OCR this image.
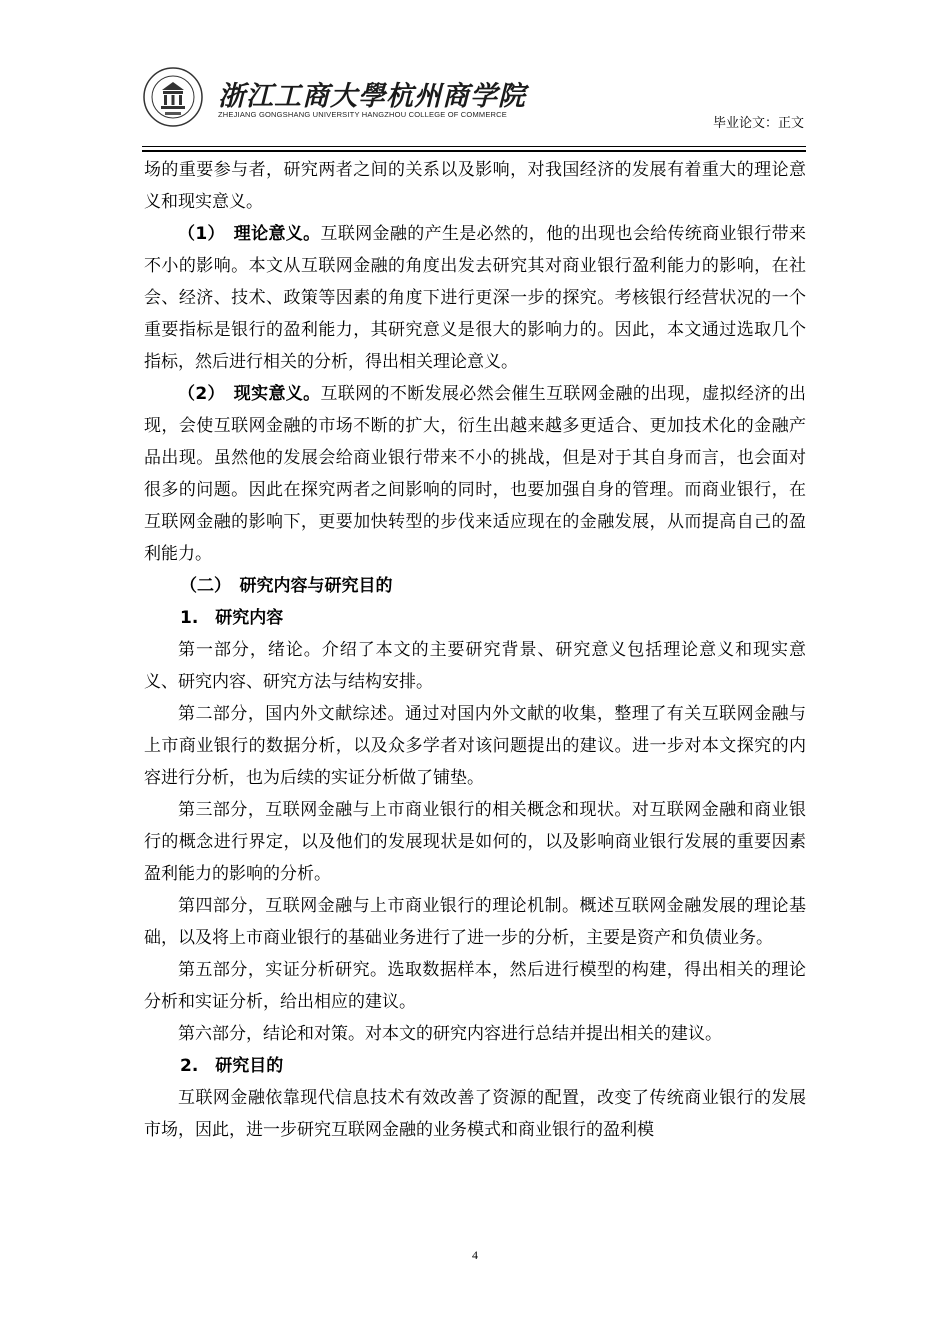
浙江工商大學杭州商学院
ZHEJIANG GONGSHANG UNIVERSITY HANGZHOU COLLEGE OF COMMERCE
毕业论文：正文

场的重要参与者，研究两者之间的关系以及影响，对我国经济的发展有着重大的理论意义和现实意义。

（1）　理论意义。互联网金融的产生是必然的，他的出现也会给传统商业银行带来不小的影响。本文从互联网金融的角度出发去研究其对商业银行盈利能力的影响，在社会、经济、技术、政策等因素的角度下进行更深一步的探究。考核银行经营状况的一个重要指标是银行的盈利能力，其研究意义是很大的影响力的。因此，本文通过选取几个指标，然后进行相关的分析，得出相关理论意义。

（2）　现实意义。互联网的不断发展必然会催生互联网金融的出现，虚拟经济的出现，会使互联网金融的市场不断的扩大，衍生出越来越多更适合、更加技术化的金融产品出现。虽然他的发展会给商业银行带来不小的挑战，但是对于其自身而言，也会面对很多的问题。因此在探究两者之间影响的同时，也要加强自身的管理。而商业银行，在互联网金融的影响下，更要加快转型的步伐来适应现在的金融发展，从而提高自己的盈利能力。

（二）　研究内容与研究目的

1.　研究内容

第一部分，绪论。介绍了本文的主要研究背景、研究意义包括理论意义和现实意义、研究内容、研究方法与结构安排。

第二部分，国内外文献综述。通过对国内外文献的收集，整理了有关互联网金融与上市商业银行的数据分析，以及众多学者对该问题提出的建议。进一步对本文探究的内容进行分析，也为后续的实证分析做了铺垫。

第三部分，互联网金融与上市商业银行的相关概念和现状。对互联网金融和商业银行的概念进行界定，以及他们的发展现状是如何的，以及影响商业银行发展的重要因素盈利能力的影响的分析。

第四部分，互联网金融与上市商业银行的理论机制。概述互联网金融发展的理论基础，以及将上市商业银行的基础业务进行了进一步的分析，主要是资产和负债业务。

第五部分，实证分析研究。选取数据样本，然后进行模型的构建，得出相关的理论分析和实证分析，给出相应的建议。

第六部分，结论和对策。对本文的研究内容进行总结并提出相关的建议。

2.　研究目的

互联网金融依靠现代信息技术有效改善了资源的配置，改变了传统商业银行的发展市场，因此，进一步研究互联网金融的业务模式和商业银行的盈利模

4
